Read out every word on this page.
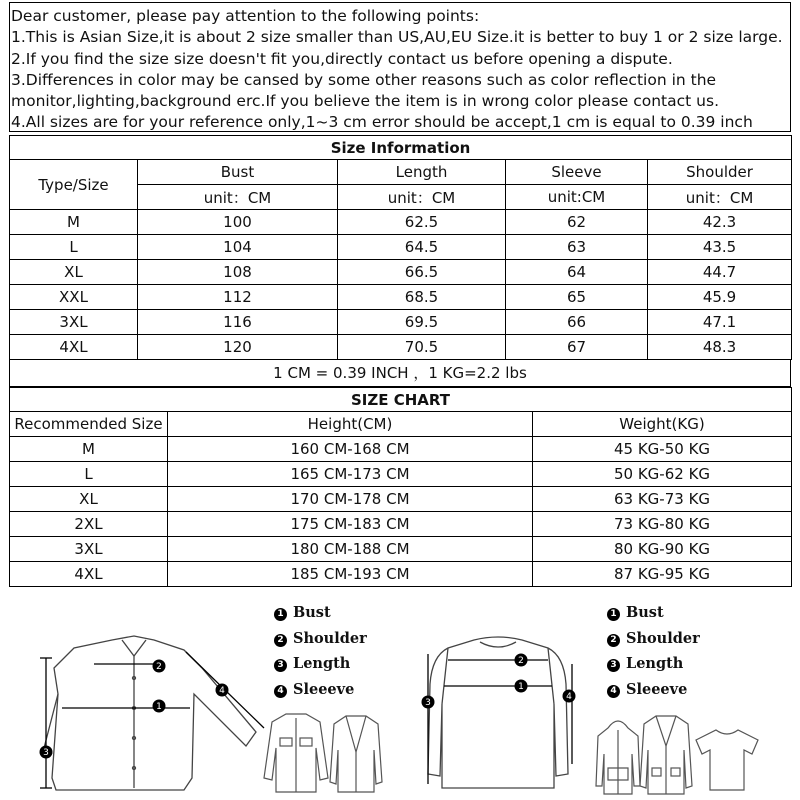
Dear customer, please pay attention to the following points:
1.This is Asian Size,it is about 2 size smaller than US,AU,EU Size.it is better to buy 1 or 2 size large.
2.If you find the size size doesn't fit you,directly contact us before opening a dispute.
3.Differences in color may be cansed by some other reasons such as color reflection in the
monitor,lighting,background erc.If you believe the item is in wrong color please contact us.
4.All sizes are for your reference only,1~3 cm error should be accept,1 cm is equal to 0.39 inch
Size Information				
Type/Size	Bust	Length	Sleeve	Shoulder
	unit：CM	unit：CM	unit:CM	unit：CM
M	100	62.5	62	42.3
L	104	64.5	63	43.5
XL	108	66.5	64	44.7
XXL	112	68.5	65	45.9
3XL	116	69.5	66	47.1
4XL	120	70.5	67	48.3
1 CM = 0.39 INCH ，1 KG=2.2 lbs
SIZE CHART		
Recommended Size	Height(CM)	Weight(KG)
M	160 CM-168 CM	45 KG-50 KG
L	165 CM-173 CM	50 KG-62 KG
XL	170 CM-178 CM	63 KG-73 KG
2XL	175 CM-183 CM	73 KG-80 KG
3XL	180 CM-188 CM	80 KG-90 KG
4XL	185 CM-193 CM	87 KG-95 KG
1 Bust
2 Shoulder
3 Length
4 Sleeeve
1 Bust
2 Shoulder
3 Length
4 Sleeeve
1
2
3
4	1
2
3
4
